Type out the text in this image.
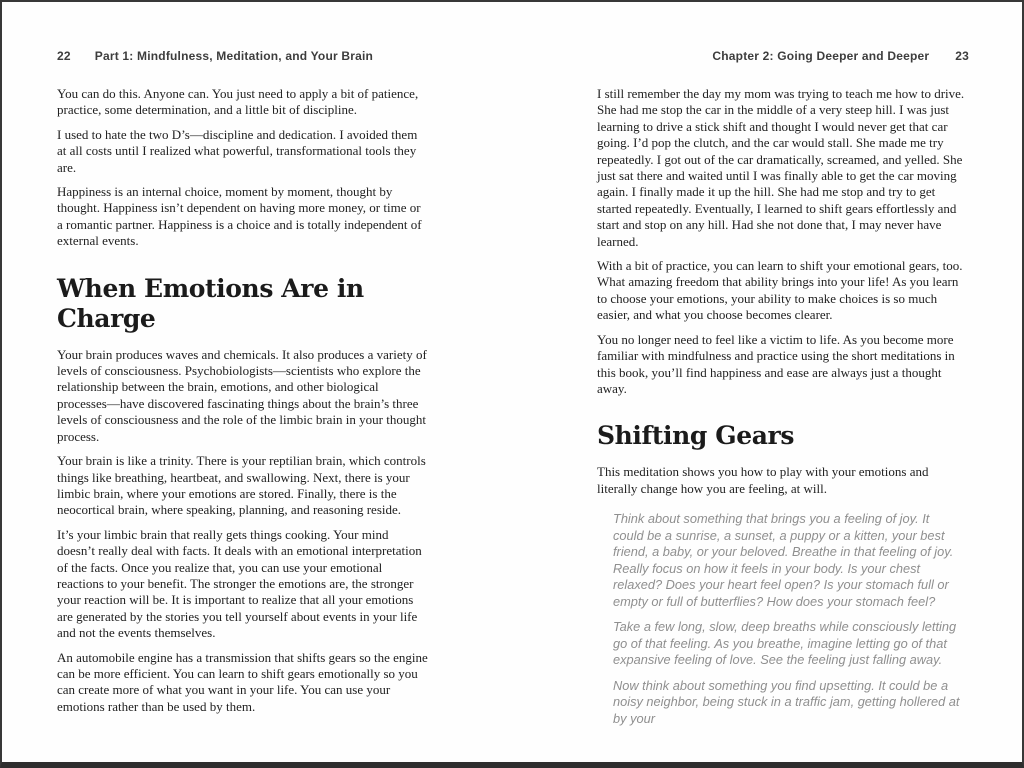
22 Part 1: Mindfulness, Meditation, and Your Brain

You can do this. Anyone can. You just need to apply a bit of patience, practice, some determination, and a little bit of discipline.

I used to hate the two D’s—discipline and dedication. I avoided them at all costs until I realized what powerful, transformational tools they are.

Happiness is an internal choice, moment by moment, thought by thought. Happiness isn’t dependent on having more money, or time or a romantic partner. Happiness is a choice and is totally independent of external events.

When Emotions Are in Charge

Your brain produces waves and chemicals. It also produces a variety of levels of consciousness. Psychobiologists—scientists who explore the relationship between the brain, emotions, and other biological processes—have discovered fascinating things about the brain’s three levels of consciousness and the role of the limbic brain in your thought process.

Your brain is like a trinity. There is your reptilian brain, which controls things like breathing, heartbeat, and swallowing. Next, there is your limbic brain, where your emotions are stored. Finally, there is the neocortical brain, where speaking, planning, and reasoning reside.

It’s your limbic brain that really gets things cooking. Your mind doesn’t really deal with facts. It deals with an emotional interpretation of the facts. Once you realize that, you can use your emotional reactions to your benefit. The stronger the emotions are, the stronger your reaction will be. It is important to realize that all your emotions are generated by the stories you tell yourself about events in your life and not the events themselves.

An automobile engine has a transmission that shifts gears so the engine can be more efficient. You can learn to shift gears emotionally so you can create more of what you want in your life. You can use your emotions rather than be used by them.

Chapter 2: Going Deeper and Deeper 23

I still remember the day my mom was trying to teach me how to drive. She had me stop the car in the middle of a very steep hill. I was just learning to drive a stick shift and thought I would never get that car going. I’d pop the clutch, and the car would stall. She made me try repeatedly. I got out of the car dramatically, screamed, and yelled. She just sat there and waited until I was finally able to get the car moving again. I finally made it up the hill. She had me stop and try to get started repeatedly. Eventually, I learned to shift gears effortlessly and start and stop on any hill. Had she not done that, I may never have learned.

With a bit of practice, you can learn to shift your emotional gears, too. What amazing freedom that ability brings into your life! As you learn to choose your emotions, your ability to make choices is so much easier, and what you choose becomes clearer.

You no longer need to feel like a victim to life. As you become more familiar with mindfulness and practice using the short meditations in this book, you’ll find happiness and ease are always just a thought away.

Shifting Gears

This meditation shows you how to play with your emotions and literally change how you are feeling, at will.

Think about something that brings you a feeling of joy. It could be a sunrise, a sunset, a puppy or a kitten, your best friend, a baby, or your beloved. Breathe in that feeling of joy. Really focus on how it feels in your body. Is your chest relaxed? Does your heart feel open? Is your stomach full or empty or full of butterflies? How does your stomach feel?

Take a few long, slow, deep breaths while consciously letting go of that feeling. As you breathe, imagine letting go of that expansive feeling of love. See the feeling just falling away.

Now think about something you find upsetting. It could be a noisy neighbor, being stuck in a traffic jam, getting hollered at by your
